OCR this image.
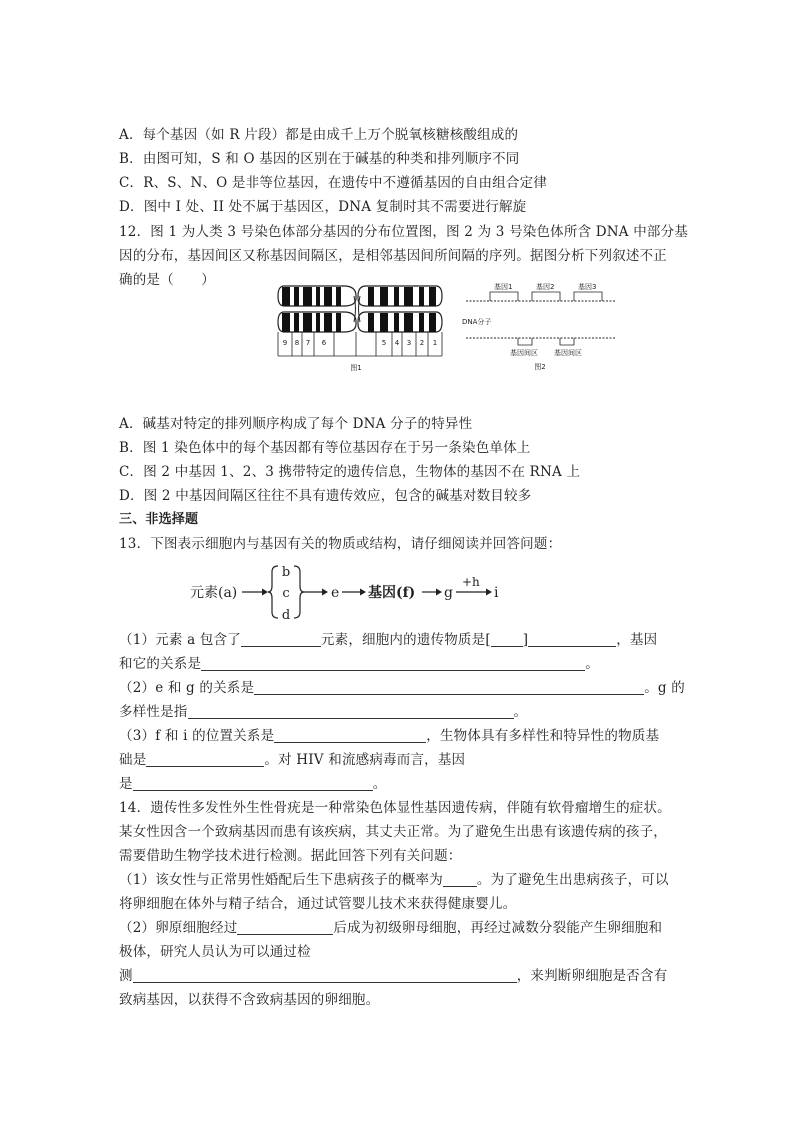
A．每个基因（如 R 片段）都是由成千上万个脱氧核糖核酸组成的
B．由图可知，S 和 O 基因的区别在于碱基的种类和排列顺序不同
C．R、S、N、O 是非等位基因，在遗传中不遵循基因的自由组合定律
D．图中 I 处、II 处不属于基因区，DNA 复制时其不需要进行解旋
12．图 1 为人类 3 号染色体部分基因的分布位置图，图 2 为 3 号染色体所含 DNA 中部分基
因的分布，基因间区又称基因间隔区，是相邻基因间所间隔的序列。据图分析下列叙述不正
确的是（　　）
9 8 7 6	5 4 3 2 1
图1
基因1	基因2	基因3
DNA分子
基因间区 基因间区
图2
A．碱基对特定的排列顺序构成了每个 DNA 分子的特异性
B．图 1 染色体中的每个基因都有等位基因存在于另一条染色单体上
C．图 2 中基因 1、2、3 携带特定的遗传信息，生物体的基因不在 RNA 上
D．图 2 中基因间隔区往往不具有遗传效应，包含的碱基对数目较多
三、非选择题
13．下图表示细胞内与基因有关的物质或结构，请仔细阅读并回答问题：
元素(a)
b
c
d
e 基因(f) g
+h
i
（1）元素 a 包含了	元素，细胞内的遗传物质是[ ]	，基因
和它的关系是	。
（2）e 和 g 的关系是	。g 的
多样性是指	。
（3）f 和 i 的位置关系是	，生物体具有多样性和特异性的物质基
础是	。对 HIV 和流感病毒而言，基因
是	。
14．遗传性多发性外生性骨疣是一种常染色体显性基因遗传病，伴随有软骨瘤增生的症状。
某女性因含一个致病基因而患有该疾病，其丈夫正常。为了避免生出患有该遗传病的孩子，
需要借助生物学技术进行检测。据此回答下列有关问题：
（1）该女性与正常男性婚配后生下患病孩子的概率为	。为了避免生出患病孩子，可以
将卵细胞在体外与精子结合，通过试管婴儿技术来获得健康婴儿。
（2）卵原细胞经过	后成为初级卵母细胞，再经过减数分裂能产生卵细胞和
极体，研究人员认为可以通过检
测	，来判断卵细胞是否含有
致病基因，以获得不含致病基因的卵细胞。
